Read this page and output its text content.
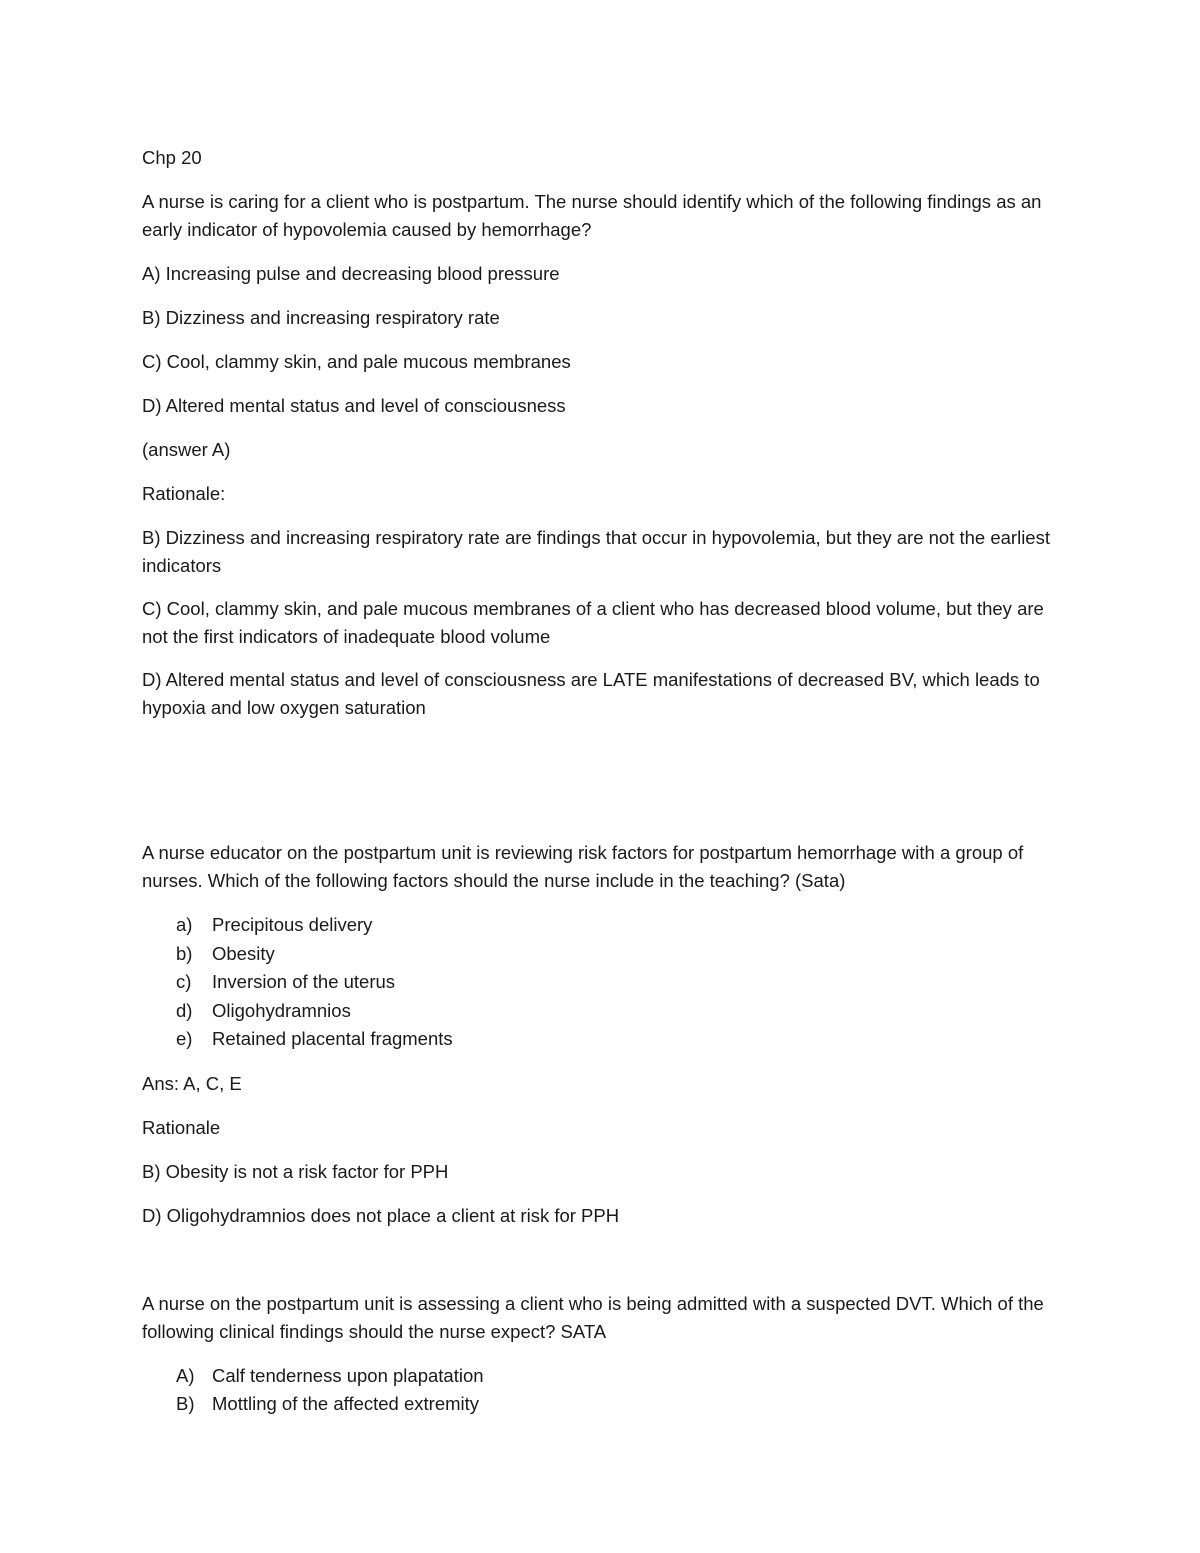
Chp 20

A nurse is caring for a client who is postpartum. The nurse should identify which of the following findings as an early indicator of hypovolemia caused by hemorrhage?

A) Increasing pulse and decreasing blood pressure

B) Dizziness and increasing respiratory rate

C) Cool, clammy skin, and pale mucous membranes

D) Altered mental status and level of consciousness

(answer A)

Rationale:

B) Dizziness and increasing respiratory rate are findings that occur in hypovolemia, but they are not the earliest indicators

C) Cool, clammy skin, and pale mucous membranes of a client who has decreased blood volume, but they are not the first indicators of inadequate blood volume

D) Altered mental status and level of consciousness are LATE manifestations of decreased BV, which leads to hypoxia and low oxygen saturation

A nurse educator on the postpartum unit is reviewing risk factors for postpartum hemorrhage with a group of nurses. Which of the following factors should the nurse include in the teaching? (Sata)

a)	Precipitous delivery
b)	Obesity
c)	Inversion of the uterus
d)	Oligohydramnios
e)	Retained placental fragments

Ans: A, C, E

Rationale

B) Obesity is not a risk factor for PPH

D) Oligohydramnios does not place a client at risk for PPH

A nurse on the postpartum unit is assessing a client who is being admitted with a suspected DVT. Which of the following clinical findings should the nurse expect? SATA

A) Calf tenderness upon plapatation
B) Mottling of the affected extremity
